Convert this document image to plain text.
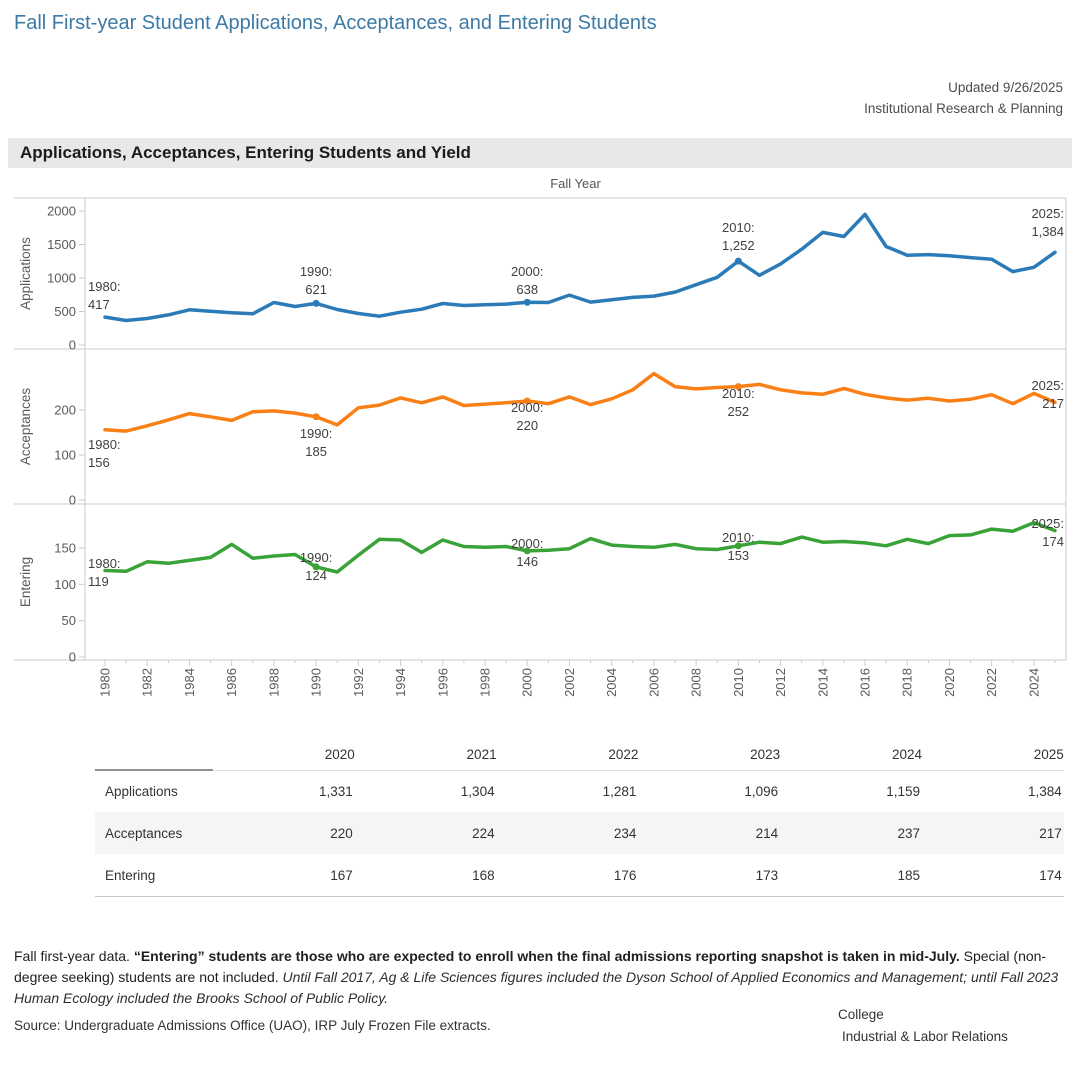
Fall First-year Student Applications, Acceptances, and Entering Students
Updated 9/26/2025
Institutional Research & Planning
Applications, Acceptances, Entering Students and Yield
Fall Year
Applications
0
500
1000
1500
2000
1980:
417
1990:
621
2000:
638
2010:
1,252
2025:
1,384
Acceptances
0
100
200
1980:
156
1990:
185
2000:
220
2010:
252
2025:
217
Entering
0
50
100
150
1980:
119
1990:
124
2000:
146
2010:
153
2025:
174
1980 1982 1984 1986 1988 1990 1992 1994 1996 1998 2000 2002 2004 2006 2008 2010 2012 2014 2016 2018 2020 2022 2024
2020	2021	2022	2023	2024	2025
Applications	1,331	1,304	1,281	1,096	1,159	1,384
Acceptances	220	224	234	214	237	217
Entering	167	168	176	173	185	174

Fall first-year data. “Entering” students are those who are expected to enroll when the final admissions reporting snapshot is taken in mid-July. Special (non-degree seeking) students are not included. Until Fall 2017, Ag & Life Sciences figures included the Dyson School of Applied Economics and Management; until Fall 2023 Human Ecology included the Brooks School of Public Policy.

Source: Undergraduate Admissions Office (UAO), IRP July Frozen File extracts.
College
Industrial & Labor Relations
